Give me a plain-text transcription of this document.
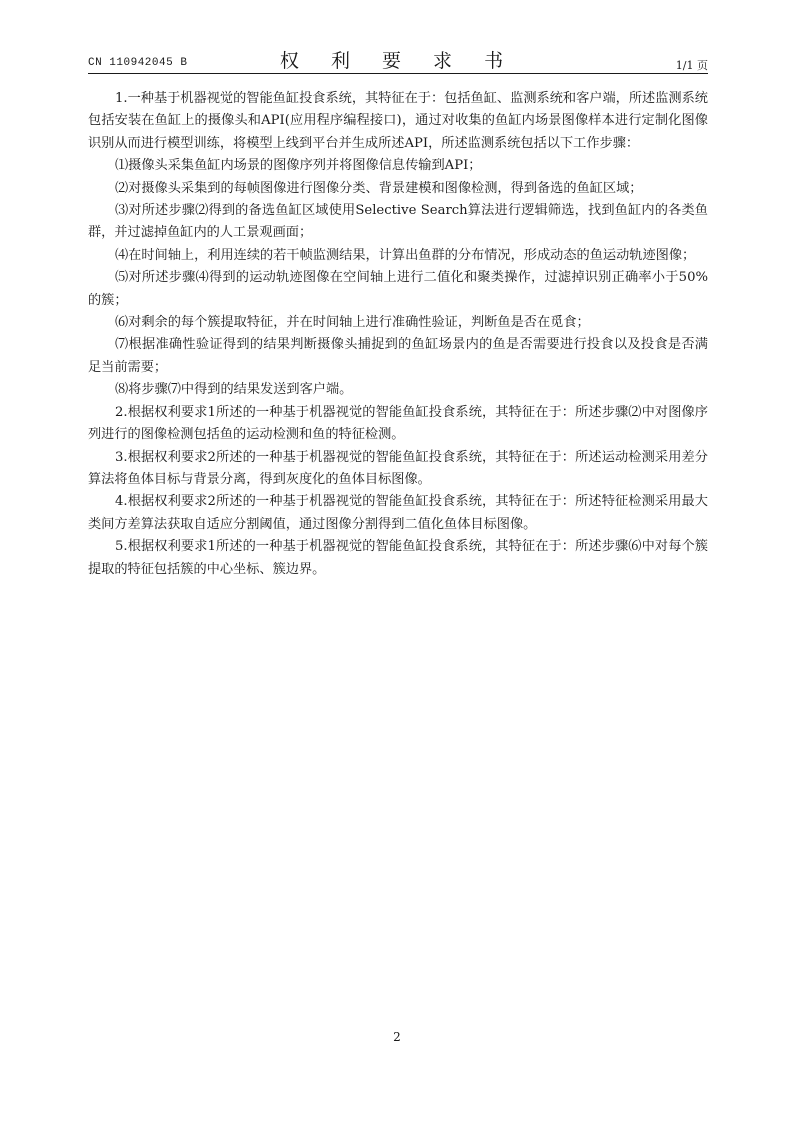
CN 110942045 B	权 利 要 求 书	1/1 页

1.一种基于机器视觉的智能鱼缸投食系统，其特征在于：包括鱼缸、监测系统和客户端，所述监测系统包括安装在鱼缸上的摄像头和API(应用程序编程接口)，通过对收集的鱼缸内场景图像样本进行定制化图像识别从而进行模型训练，将模型上线到平台并生成所述API，所述监测系统包括以下工作步骤：

⑴摄像头采集鱼缸内场景的图像序列并将图像信息传输到API；

⑵对摄像头采集到的每帧图像进行图像分类、背景建模和图像检测，得到备选的鱼缸区域；

⑶对所述步骤⑵得到的备选鱼缸区域使用Selective Search算法进行逻辑筛选，找到鱼缸内的各类鱼群，并过滤掉鱼缸内的人工景观画面；

⑷在时间轴上，利用连续的若干帧监测结果，计算出鱼群的分布情况，形成动态的鱼运动轨迹图像；

⑸对所述步骤⑷得到的运动轨迹图像在空间轴上进行二值化和聚类操作，过滤掉识别正确率小于50%的簇；

⑹对剩余的每个簇提取特征，并在时间轴上进行准确性验证，判断鱼是否在觅食；

⑺根据准确性验证得到的结果判断摄像头捕捉到的鱼缸场景内的鱼是否需要进行投食以及投食是否满足当前需要；

⑻将步骤⑺中得到的结果发送到客户端。

2.根据权利要求1所述的一种基于机器视觉的智能鱼缸投食系统，其特征在于：所述步骤⑵中对图像序列进行的图像检测包括鱼的运动检测和鱼的特征检测。

3.根据权利要求2所述的一种基于机器视觉的智能鱼缸投食系统，其特征在于：所述运动检测采用差分算法将鱼体目标与背景分离，得到灰度化的鱼体目标图像。

4.根据权利要求2所述的一种基于机器视觉的智能鱼缸投食系统，其特征在于：所述特征检测采用最大类间方差算法获取自适应分割阈值，通过图像分割得到二值化鱼体目标图像。

5.根据权利要求1所述的一种基于机器视觉的智能鱼缸投食系统，其特征在于：所述步骤⑹中对每个簇提取的特征包括簇的中心坐标、簇边界。

2
